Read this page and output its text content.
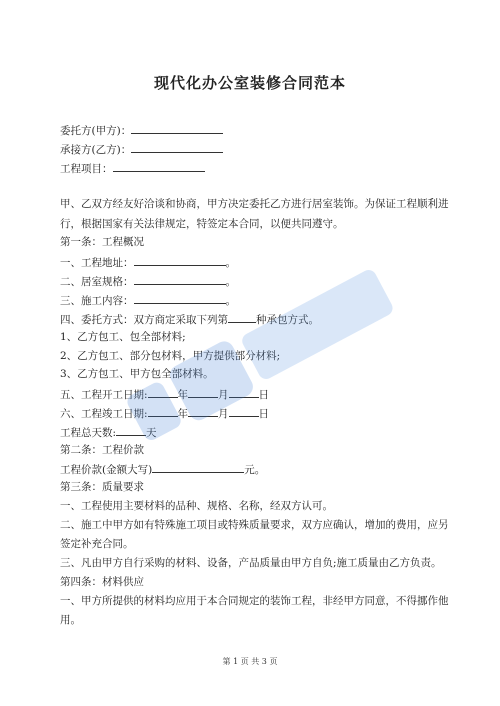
现代化办公室装修合同范本
委托方(甲方)：
承接方(乙方)：
工程项目：
甲、乙双方经友好洽谈和协商，甲方决定委托乙方进行居室装饰。为保证工程顺利进
行，根据国家有关法律规定，特签定本合同，以便共同遵守。
第一条：工程概况
一、工程地址：	。
二、居室规格：	。
三、施工内容：	。
四、委托方式：双方商定采取下列第	种承包方式。
1、乙方包工、包全部材料;
2、乙方包工、部分包材料，甲方提供部分材料;
3、乙方包工、甲方包全部材料。
五、工程开工日期:	年	月	日
六、工程竣工日期:	年	月	日
工程总天数:	天
第二条：工程价款
工程价款(金额大写)	元。
第三条：质量要求
一、工程使用主要材料的品种、规格、名称，经双方认可。
二、施工中甲方如有特殊施工项目或特殊质量要求，双方应确认，增加的费用，应另
签定补充合同。
三、凡由甲方自行采购的材料、设备，产品质量由甲方自负;施工质量由乙方负责。
第四条：材料供应
一、甲方所提供的材料均应用于本合同规定的装饰工程，非经甲方同意，不得挪作他
用。
第 1 页 共 3 页
